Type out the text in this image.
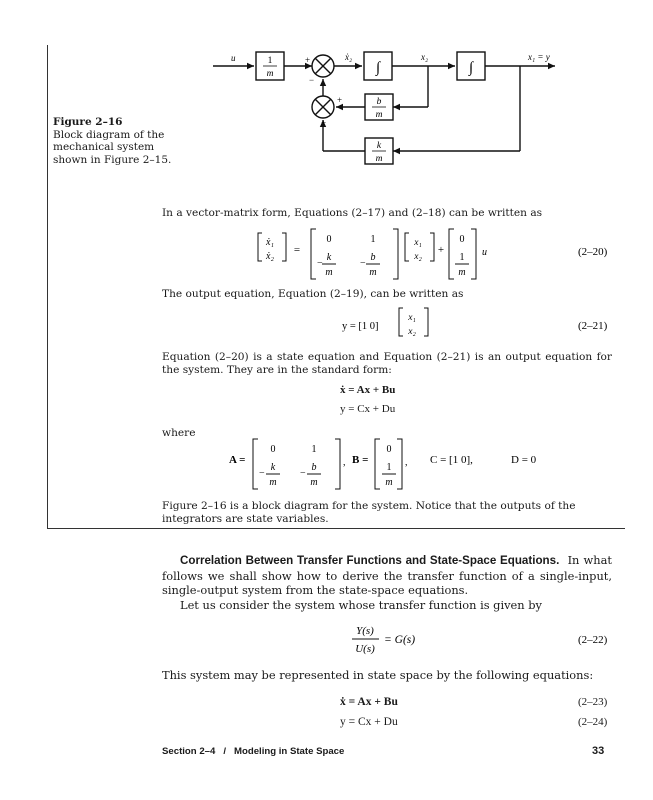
u	ẋ₂	x₂	x₁ = y
1
m	∫	∫
b
m
k
m
+
−
+
+
Figure 2–16
Block diagram of the mechanical system shown in Figure 2–15.
In a vector-matrix form, Equations (2–17) and (2–18) can be written as
ẋ₁
ẋ₂
=
0	1
−
k
m
−
b
m
x₁
x₂
+
0
1
m
u	(2–20)
The output equation, Equation (2–19), can be written as
y = [1 0]
x₁
x₂	(2–21)
Equation (2–20) is a state equation and Equation (2–21) is an output equation for the system. They are in the standard form:
ẋ = Ax + Bu
y = Cx + Du
where
A =
0	1
−
k
m
−
b
m
, B =
0
1
m
, C = [1 0],	D = 0
Figure 2–16 is a block diagram for the system. Notice that the outputs of the integrators are state variables.
Correlation Between Transfer Functions and State-Space Equations. In what follows we shall show how to derive the transfer function of a single-input, single-output system from the state-space equations.
Let us consider the system whose transfer function is given by
Y(s)
U(s)
= G(s)	(2–22)
This system may be represented in state space by the following equations:
ẋ = Ax + Bu	(2–23)
y = Cx + Du	(2–24)
Section 2–4 / Modeling in State Space	33
